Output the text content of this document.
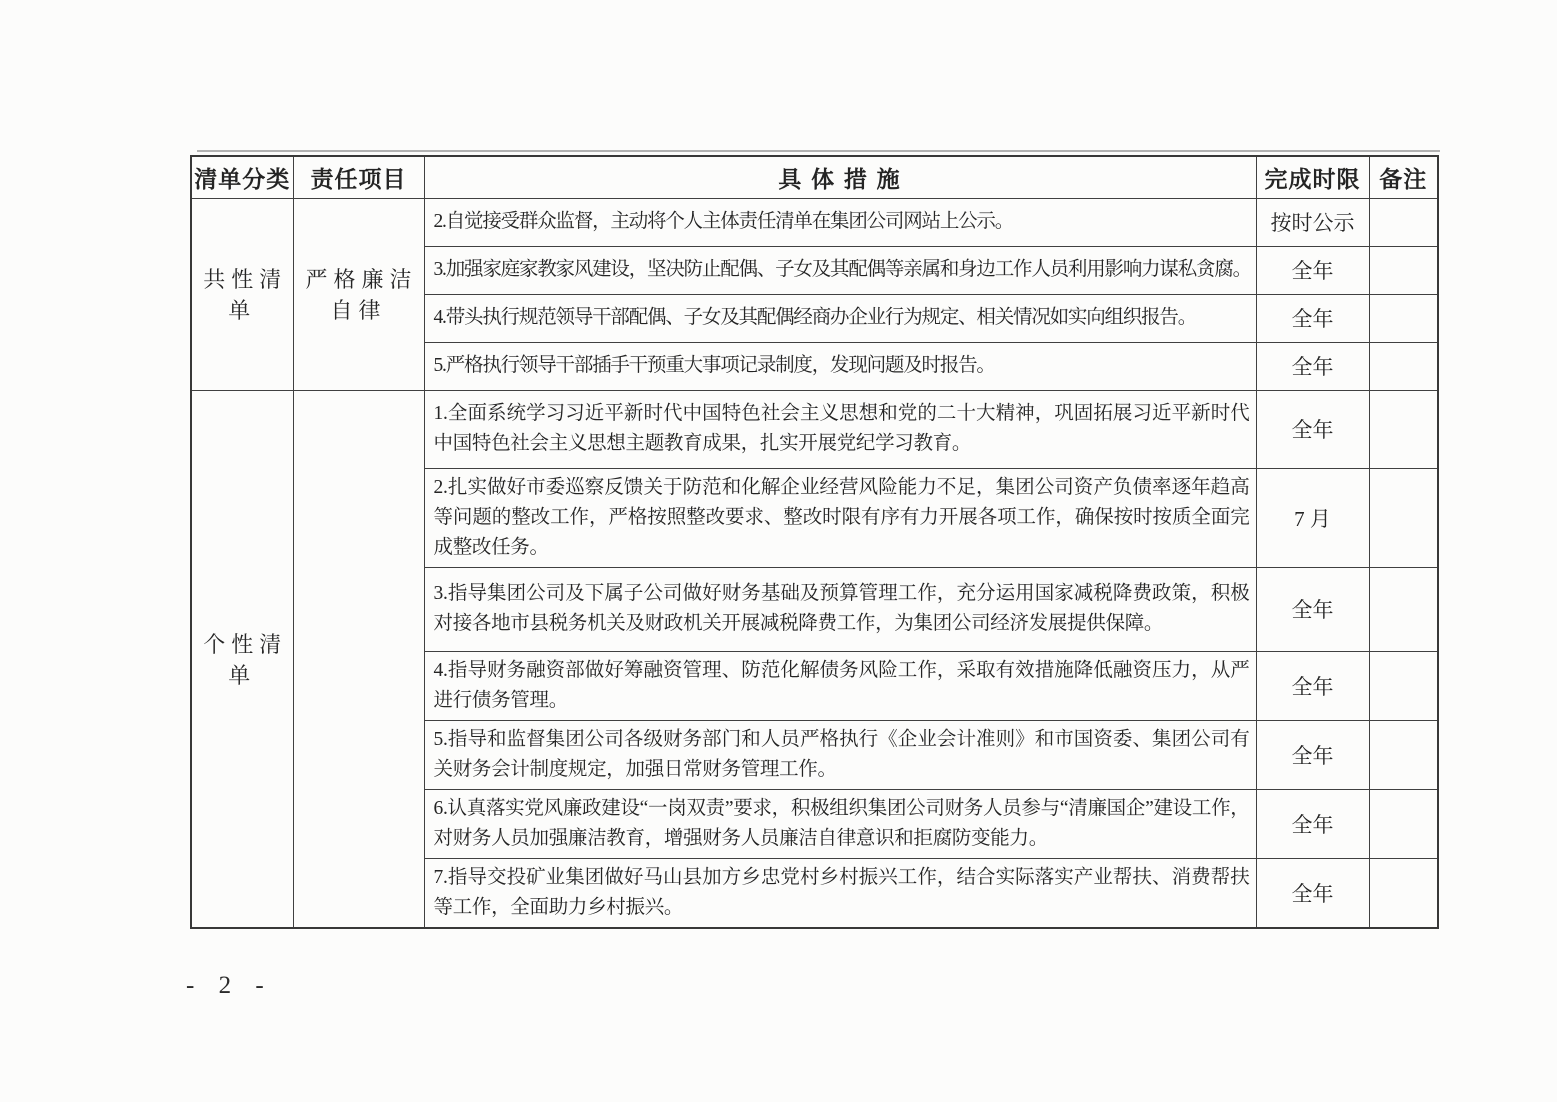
清单分类	责任项目	具 体 措 施	完成时限	备注
共性清单	严格廉洁自律	2.自觉接受群众监督，主动将个人主体责任清单在集团公司网站上公示。	按时公示	
		3.加强家庭家教家风建设，坚决防止配偶、子女及其配偶等亲属和身边工作人员利用影响力谋私贪腐。	全年	
		4.带头执行规范领导干部配偶、子女及其配偶经商办企业行为规定、相关情况如实向组织报告。	全年	
		5.严格执行领导干部插手干预重大事项记录制度，发现问题及时报告。	全年	
个性清单		1.全面系统学习习近平新时代中国特色社会主义思想和党的二十大精神，巩固拓展习近平新时代中国特色社会主义思想主题教育成果，扎实开展党纪学习教育。	全年	
		2.扎实做好市委巡察反馈关于防范和化解企业经营风险能力不足，集团公司资产负债率逐年趋高等问题的整改工作，严格按照整改要求、整改时限有序有力开展各项工作，确保按时按质全面完成整改任务。	7 月	
		3.指导集团公司及下属子公司做好财务基础及预算管理工作，充分运用国家减税降费政策，积极对接各地市县税务机关及财政机关开展减税降费工作，为集团公司经济发展提供保障。	全年	
		4.指导财务融资部做好筹融资管理、防范化解债务风险工作，采取有效措施降低融资压力，从严进行债务管理。	全年	
		5.指导和监督集团公司各级财务部门和人员严格执行《企业会计准则》和市国资委、集团公司有关财务会计制度规定，加强日常财务管理工作。	全年	
		6.认真落实党风廉政建设“一岗双责”要求，积极组织集团公司财务人员参与“清廉国企”建设工作，对财务人员加强廉洁教育，增强财务人员廉洁自律意识和拒腐防变能力。	全年	
		7.指导交投矿业集团做好马山县加方乡忠党村乡村振兴工作，结合实际落实产业帮扶、消费帮扶等工作，全面助力乡村振兴。	全年	
- 2 -
